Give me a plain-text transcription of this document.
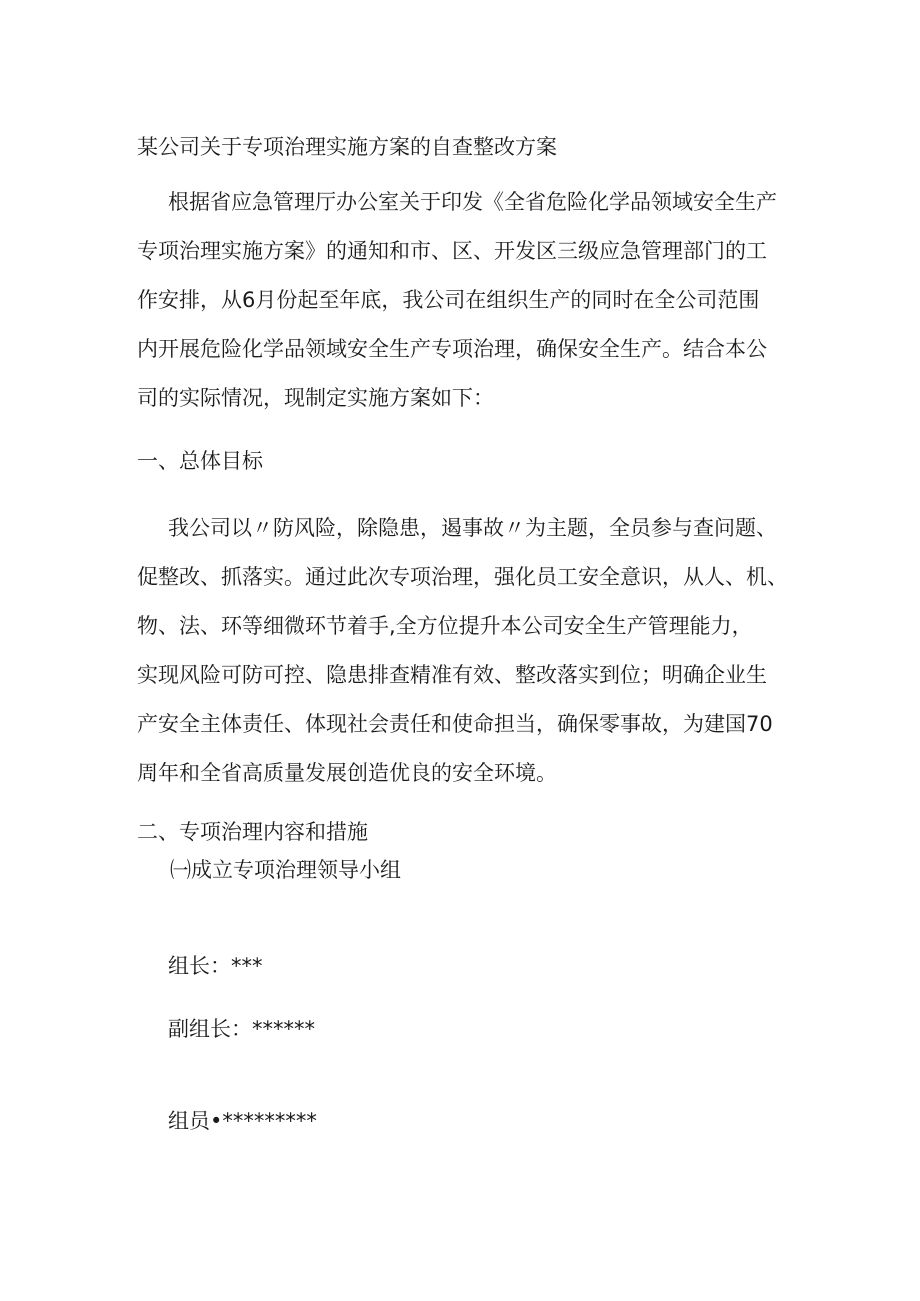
某公司关于专项治理实施方案的自查整改方案
根据省应急管理厅办公室关于印发《全省危险化学品领域安全生产
专项治理实施方案》的通知和市、区、开发区三级应急管理部门的工
作安排，从6月份起至年底，我公司在组织生产的同时在全公司范围
内开展危险化学品领域安全生产专项治理，确保安全生产。结合本公
司的实际情况，现制定实施方案如下：
一、总体目标
我公司以〃防风险，除隐患，遏事故〃为主题，全员参与查问题、
促整改、抓落实。通过此次专项治理，强化员工安全意识，从人、机、
物、法、环等细微环节着手,全方位提升本公司安全生产管理能力，
实现风险可防可控、隐患排查精准有效、整改落实到位；明确企业生
产安全主体责任、体现社会责任和使命担当，确保零事故，为建国70
周年和全省高质量发展创造优良的安全环境。
二、专项治理内容和措施
㈠成立专项治理领导小组
组长：***
副组长：******
组员•*********
